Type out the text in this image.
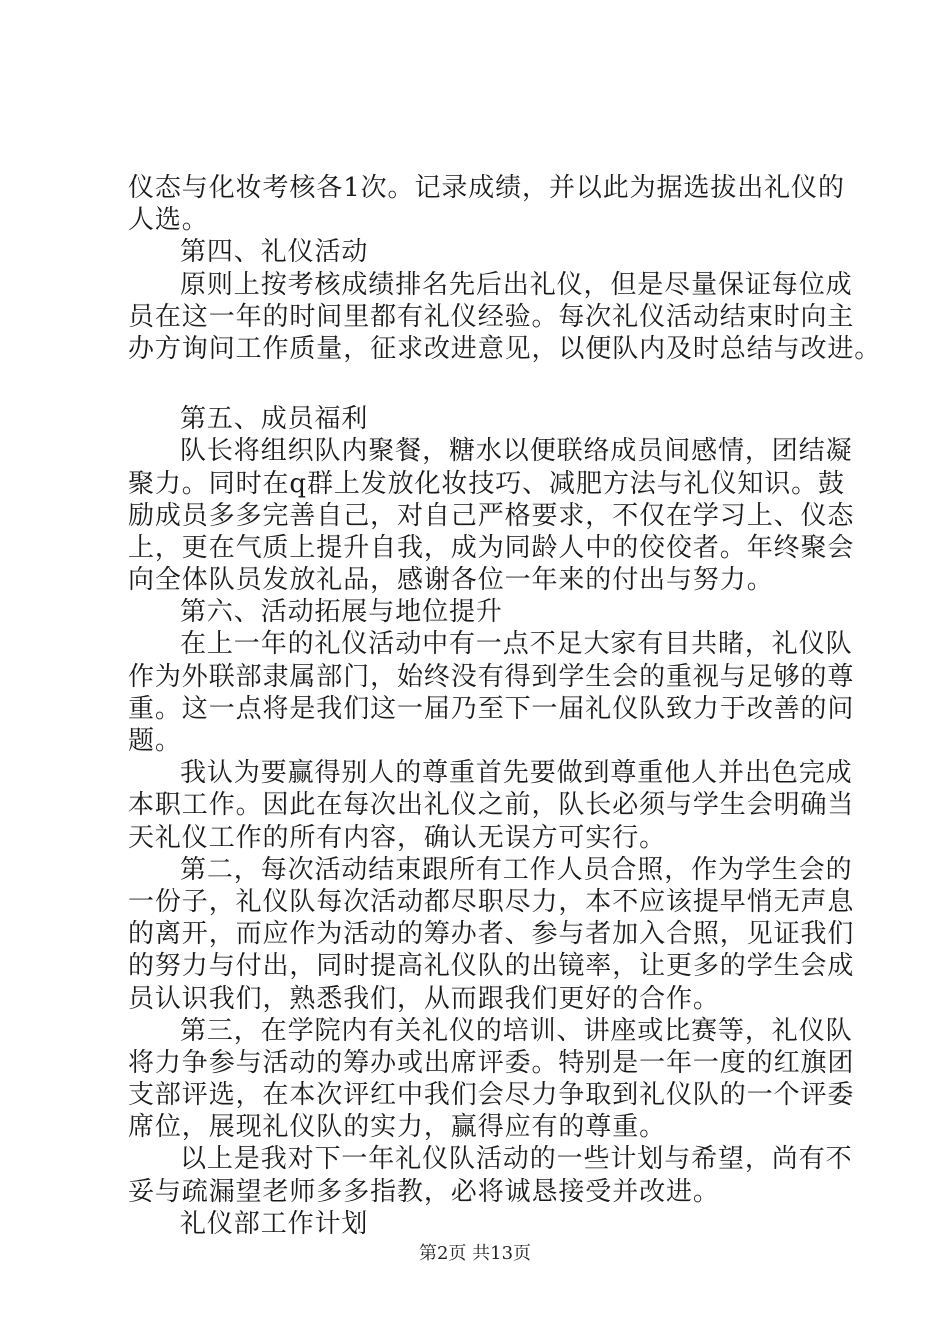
仪态与化妆考核各1次。记录成绩，并以此为据选拔出礼仪的
人选。
第四、礼仪活动
原则上按考核成绩排名先后出礼仪，但是尽量保证每位成
员在这一年的时间里都有礼仪经验。每次礼仪活动结束时向主
办方询问工作质量，征求改进意见，以便队内及时总结与改进。
第五、成员福利
队长将组织队内聚餐，糖水以便联络成员间感情，团结凝
聚力。同时在q群上发放化妆技巧、减肥方法与礼仪知识。鼓
励成员多多完善自己，对自己严格要求，不仅在学习上、仪态
上，更在气质上提升自我，成为同龄人中的佼佼者。年终聚会
向全体队员发放礼品，感谢各位一年来的付出与努力。
第六、活动拓展与地位提升
在上一年的礼仪活动中有一点不足大家有目共睹，礼仪队
作为外联部隶属部门，始终没有得到学生会的重视与足够的尊
重。这一点将是我们这一届乃至下一届礼仪队致力于改善的问
题。
我认为要赢得别人的尊重首先要做到尊重他人并出色完成
本职工作。因此在每次出礼仪之前，队长必须与学生会明确当
天礼仪工作的所有内容，确认无误方可实行。
第二，每次活动结束跟所有工作人员合照，作为学生会的
一份子，礼仪队每次活动都尽职尽力，本不应该提早悄无声息
的离开，而应作为活动的筹办者、参与者加入合照，见证我们
的努力与付出，同时提高礼仪队的出镜率，让更多的学生会成
员认识我们，熟悉我们，从而跟我们更好的合作。
第三，在学院内有关礼仪的培训、讲座或比赛等，礼仪队
将力争参与活动的筹办或出席评委。特别是一年一度的红旗团
支部评选，在本次评红中我们会尽力争取到礼仪队的一个评委
席位，展现礼仪队的实力，赢得应有的尊重。
以上是我对下一年礼仪队活动的一些计划与希望，尚有不
妥与疏漏望老师多多指教，必将诚恳接受并改进。
礼仪部工作计划
第2页 共13页
